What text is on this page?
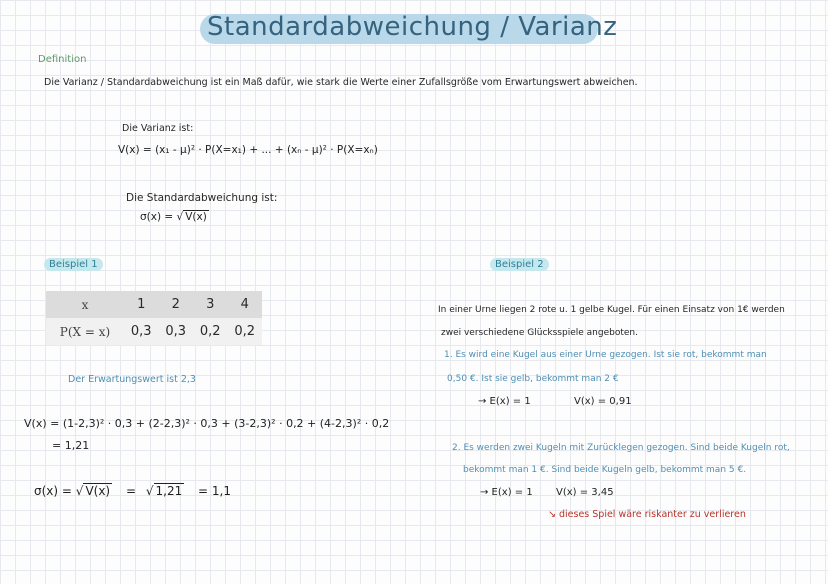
Standardabweichung / Varianz
Definition
Die Varianz / Standardabweichung ist ein Maß dafür, wie stark die Werte einer Zufallsgröße vom Erwartungswert abweichen.
Die Varianz ist:
V(x) = (x₁ - μ)² · P(X=x₁) + ... + (xₙ - μ)² · P(X=xₙ)
Die Standardabweichung ist:
σ(x) = √ V(x)
Beispiel 1
x	1	2	3	4
P(X = x)	0,3	0,3	0,2	0,2
Der Erwartungswert ist 2,3
V(x) = (1-2,3)² · 0,3 + (2-2,3)² · 0,3 + (3-2,3)² · 0,2 + (4-2,3)² · 0,2
= 1,21
σ(x) = √ V(x) = √ 1,21 = 1,1
Beispiel 2
In einer Urne liegen 2 rote u. 1 gelbe Kugel. Für einen Einsatz von 1€ werden
zwei verschiedene Glücksspiele angeboten.
1. Es wird eine Kugel aus einer Urne gezogen. Ist sie rot, bekommt man
0,50 €. Ist sie gelb, bekommt man 2 €
→ E(x) = 1	V(x) = 0,91
2. Es werden zwei Kugeln mit Zurücklegen gezogen. Sind beide Kugeln rot,
bekommt man 1 €. Sind beide Kugeln gelb, bekommt man 5 €.
→ E(x) = 1 V(x) = 3,45
↘ dieses Spiel wäre riskanter zu verlieren
